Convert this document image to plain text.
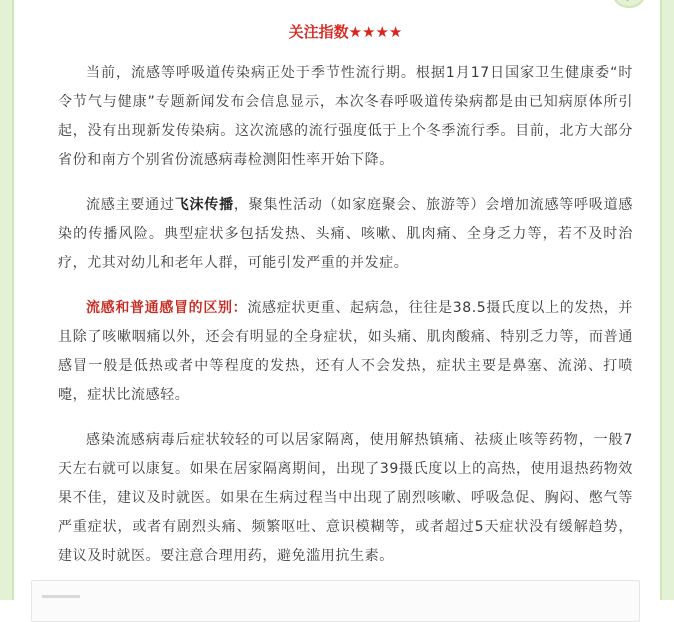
关注指数★★★★

当前，流感等呼吸道传染病正处于季节性流行期。根据1月17日国家卫生健康委“时令节气与健康”专题新闻发布会信息显示，本次冬春呼吸道传染病都是由已知病原体所引起，没有出现新发传染病。这次流感的流行强度低于上个冬季流行季。目前，北方大部分省份和南方个别省份流感病毒检测阳性率开始下降。

流感主要通过飞沫传播，聚集性活动（如家庭聚会、旅游等）会增加流感等呼吸道感染的传播风险。典型症状多包括发热、头痛、咳嗽、肌肉痛、全身乏力等，若不及时治疗，尤其对幼儿和老年人群，可能引发严重的并发症。

流感和普通感冒的区别：流感症状更重、起病急，往往是38.5摄氏度以上的发热，并且除了咳嗽咽痛以外，还会有明显的全身症状，如头痛、肌肉酸痛、特别乏力等，而普通感冒一般是低热或者中等程度的发热，还有人不会发热，症状主要是鼻塞、流涕、打喷嚏，症状比流感轻。

感染流感病毒后症状较轻的可以居家隔离，使用解热镇痛、祛痰止咳等药物，一般7天左右就可以康复。如果在居家隔离期间，出现了39摄氏度以上的高热，使用退热药物效果不佳，建议及时就医。如果在生病过程当中出现了剧烈咳嗽、呼吸急促、胸闷、憋气等严重症状，或者有剧烈头痛、频繁呕吐、意识模糊等，或者超过5天症状没有缓解趋势，建议及时就医。要注意合理用药，避免滥用抗生素。
